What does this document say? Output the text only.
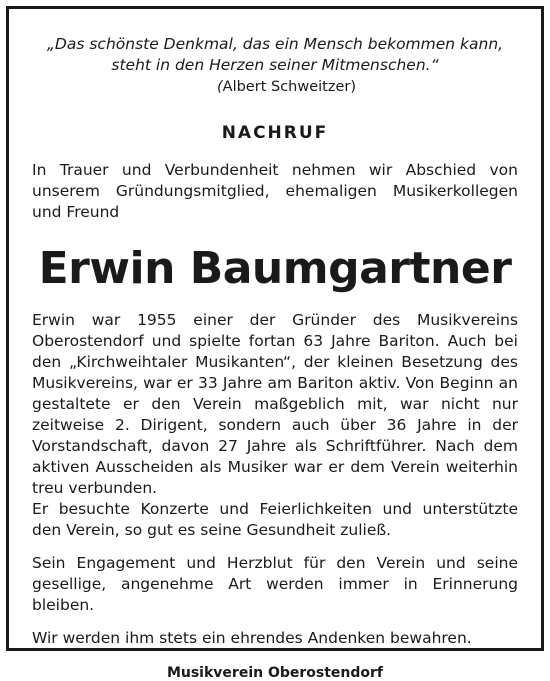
„Das schönste Denkmal, das ein Mensch bekommen kann,
steht in den Herzen seiner Mitmenschen.“
(Albert Schweitzer)
NACHRUF

In Trauer und Verbundenheit nehmen wir Abschied von unserem Gründungsmitglied, ehemaligen Musikerkollegen und Freund

Erwin Baumgartner

Erwin war 1955 einer der Gründer des Musikvereins Oberostendorf und spielte fortan 63 Jahre Bariton. Auch bei den „Kirchweihtaler Musikanten“, der kleinen Besetzung des Musikvereins, war er 33 Jahre am Bariton aktiv. Von Beginn an gestaltete er den Verein maßgeblich mit, war nicht nur zeitweise 2. Dirigent, sondern auch über 36 Jahre in der Vorstandschaft, davon 27 Jahre als Schriftführer. Nach dem aktiven Ausscheiden als Musiker war er dem Verein weiterhin treu verbunden.

Er besuchte Konzerte und Feierlichkeiten und unterstützte den Verein, so gut es seine Gesundheit zuließ.

Sein Engagement und Herzblut für den Verein und seine gesellige, angenehme Art werden immer in Erinnerung bleiben.

Wir werden ihm stets ein ehrendes Andenken bewahren.

Musikverein Oberostendorf
